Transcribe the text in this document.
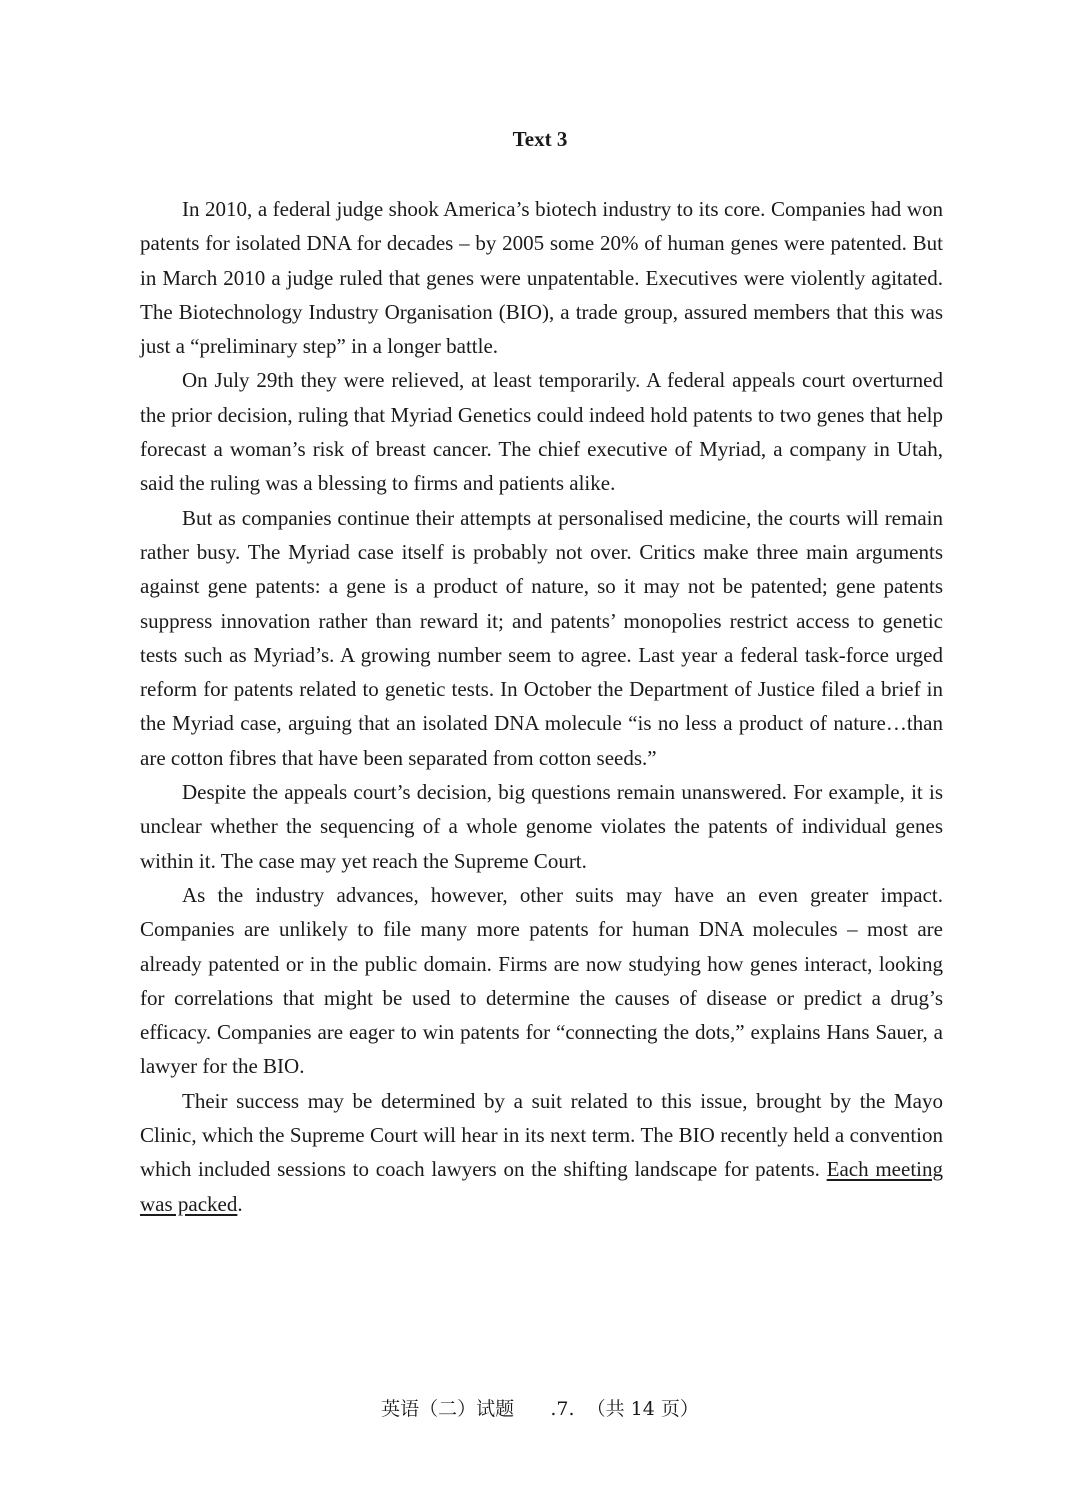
Text 3

In 2010, a federal judge shook America’s biotech industry to its core. Companies had won patents for isolated DNA for decades – by 2005 some 20% of human genes were patented. But in March 2010 a judge ruled that genes were unpatentable. Executives were violently agitated. The Biotechnology Industry Organisation (BIO), a trade group, assured members that this was just a “preliminary step” in a longer battle.

On July 29th they were relieved, at least temporarily. A federal appeals court overturned the prior decision, ruling that Myriad Genetics could indeed hold patents to two genes that help forecast a woman’s risk of breast cancer. The chief executive of Myriad, a company in Utah, said the ruling was a blessing to firms and patients alike.

But as companies continue their attempts at personalised medicine, the courts will remain rather busy. The Myriad case itself is probably not over. Critics make three main arguments against gene patents: a gene is a product of nature, so it may not be patented; gene patents suppress innovation rather than reward it; and patents’ monopolies restrict access to genetic tests such as Myriad’s. A growing number seem to agree. Last year a federal task-force urged reform for patents related to genetic tests. In October the Department of Justice filed a brief in the Myriad case, arguing that an isolated DNA molecule “is no less a product of nature…than are cotton fibres that have been separated from cotton seeds.”

Despite the appeals court’s decision, big questions remain unanswered. For example, it is unclear whether the sequencing of a whole genome violates the patents of individual genes within it. The case may yet reach the Supreme Court.

As the industry advances, however, other suits may have an even greater impact. Companies are unlikely to file many more patents for human DNA molecules – most are already patented or in the public domain. Firms are now studying how genes interact, looking for correlations that might be used to determine the causes of disease or predict a drug’s efficacy. Companies are eager to win patents for “connecting the dots,” explains Hans Sauer, a lawyer for the BIO.

Their success may be determined by a suit related to this issue, brought by the Mayo Clinic, which the Supreme Court will hear in its next term. The BIO recently held a convention which included sessions to coach lawyers on the shifting landscape for patents. Each meeting was packed.

英语（二）试题 .7. （共 14 页）
